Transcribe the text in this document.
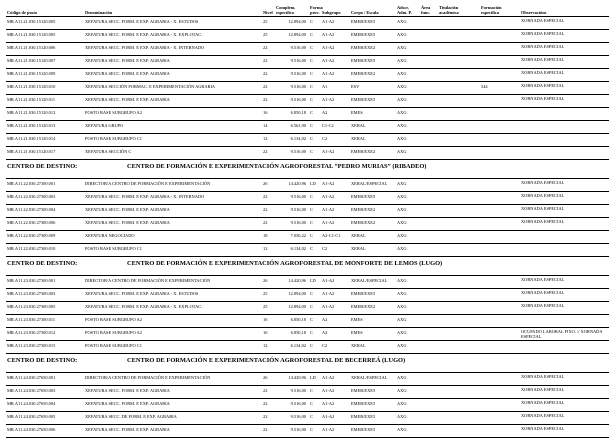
Código de posto	Denominación	Nivel	Complem. específico	Forma prov.	Subgrupo	Corpo / Escala	Adscr. Adm. P.	Área func.	Titulación académica	Formación específica	Observacións
MR.A11.21.030.15120.005	XEFATURA SECC. FORM. E EXP. AGRARIA - X. ESTUDOS	25	12.894,00	C	A1-A2	EMEB/EXE5	AXG				XORNADA ESPECIAL
MR.A11.21.030.15120.005	XEFATURA SECC. FORM. E EXP. AGRARIA - X. EXPLOTAC.	25	12.894,00	C	A1-A2	EMEB/EXE5	AXG				XORNADA ESPECIAL
MR.A11.21.030.15120.006	XEFATURA SECC. FORM. E EXP. AGRARIA - X. INTERNADO	22	9.516,00	C	A1-A2	EMEB/EXE2	AXG				XORNADA ESPECIAL
MR.A11.21.030.15120.007	XEFATURA SECC. FORM. E EXP. AGRARIA	22	9.516,00	C	A1-A2	EMEB/EXE5	AXG				XORNADA ESPECIAL
MR.A11.21.030.15120.009	XEFATURA SECC. FORM. E EXP. AGRARIA	22	9.516,00	C	A1-A2	EMEB/EXE2	AXG				XORNADA ESPECIAL
MR.A11.21.030.15120.010	XEFATURA SECCIÓN FORMAC. E EXPERIMENTACIÓN AGRARIA	22	9.516,00	C	A1	ESV	AXG			544	XORNADA ESPECIAL
MR.A11.21.030.15120.011	XEFATURA SECC. FORM. E EXP. AGRARIA	22	9.516,00	C	A1-A2	EMEB/EXE5	AXG				XORNADA ESPECIAL
MR.A11.21.030.15120.012	POSTO BASE SUBGRUPO A2	16	6.850,18	C	A2	EMES	AXG				
MR.A11.21.030.15120.013	XEFATURA GRUPO	14	6.561,90	C	C1-C2	XERAL	AXG				
MR.A11.21.030.15120.014	POSTO BASE SUBGRUPO C1	12	6.134,02	C	C2	XERAL	AXG				
MR.A11.21.030.15120.017	XEFATURA SECCIÓN C	22	9.516,00	C	A1-A2	EMEB/EXE2	AXG				
CENTRO DE DESTINO: CENTRO DE FORMACIÓN E EXPERIMENTACIÓN AGROFORESTAL “PEDRO MURIAS” (RIBADEO)											
MR.A11.22.030.27300.001	DIRECTOR/A CENTRO DE FORMACIÓN E EXPERIMENTACIÓN	26	14.420,96	LD	A1-A2	XERAL/ESPECIAL	AXG				XORNADA ESPECIAL
MR.A11.22.030.27300.003	XEFATURA SECC. FORM. E EXP. AGRARIA - X. INTERNADO	22	9.516,00	C	A1-A2	EMEB/EXE5	AXG				XORNADA ESPECIAL
MR.A11.22.030.27300.004	XEFATURA SECC. FORM. E EXP. AGRARIA	22	9.516,00	C	A1-A2	EMEB/EXE2	AXG				XORNADA ESPECIAL
MR.A11.22.030.27300.006	XEFATURA SECC. FORM. E EXP. AGRARIA	22	9.516,00	C	A1-A2	EMEB/EXE2	AXG				XORNADA ESPECIAL
MR.A11.22.030.27300.009	XEFATURA NEGOCIADO	18	7.050,22	C	A2-C1-C1	XERAL	AXG				
MR.A11.22.030.27300.010	POSTO BASE SUBGRUPO C1	12	6.134,02	C	C2	XERAL	AXG				
CENTRO DE DESTINO: CENTRO DE FORMACIÓN E EXPERIMENTACIÓN AGROFORESTAL DE MONFORTE DE LEMOS (LUGO)											
MR.A11.23.030.27300.001	DIRECTOR/A CENTRO DE FORMACIÓN E EXPERIMENTACIÓN	26	14.420,96	LD	A1-A2	XERAL/ESPECIAL	AXG				XORNADA ESPECIAL
MR.A11.23.030.27300.003	XEFATURA SECC. FORM. E EXP. AGRARIA - X. ESTUDOS	25	12.894,00	C	A1-A2	EMEB/EXE5	AXG				XORNADA ESPECIAL
MR.A11.23.030.27300.005	XEFATURA SECC. FORM. E EXP. AGRARIA - X. EXPLOTAC.	25	12.894,00	C	A1-A2	EMEB/EXE2	AXG				XORNADA ESPECIAL
MR.A11.23.030.27300.011	POSTO BASE SUBGRUPO A2	16	6.850,18	C	A2	EMES	AXG				
MR.A11.23.030.27300.012	POSTO BASE SUBGRUPO A2	16	6.850,18	C	A2	EMES	AXG				OCUPADO LABORAL FIXO. // XORNADA ESPECIAL
MR.A11.23.030.27300.015	POSTO BASE SUBGRUPO C1	12	6.134,02	C	C2	XERAL	AXG				
CENTRO DE DESTINO: CENTRO DE FORMACIÓN E EXPERIMENTACIÓN AGROFORESTAL DE BECERREÁ (LUGO)											
MR.A11.24.030.27650.001	DIRECTOR/A CENTRO DE FORMACIÓN E EXPERIMENTACIÓN	26	14.420,96	LD	A1-A2	XERAL/ESPECIAL	AXG				XORNADA ESPECIAL
MR.A11.24.030.27650.003	XEFATURA SECC. FORM. E EXP. AGRARIA	22	9.516,00	C	A1-A2	EMEB/EXE5	AXG				XORNADA ESPECIAL
MR.A11.24.030.27650.004	XEFATURA SECC. FORM. E EXP. AGRARIA	22	9.516,00	C	A1-A2	EMEB/EXE5	AXG				XORNADA ESPECIAL
MR.A11.24.030.27650.005	XEFATURA SECC. DE FORM. E EXP. AGRARIA	22	9.516,00	C	A1-A2	EMEB/EXE5	AXG				XORNADA ESPECIAL
MR.A11.24.030.27650.006	XEFATURA SECC. FORM. E EXP. AGRARIA	22	9.516,00	C	A1-A2	EMEB/EXE5	AXG				XORNADA ESPECIAL
